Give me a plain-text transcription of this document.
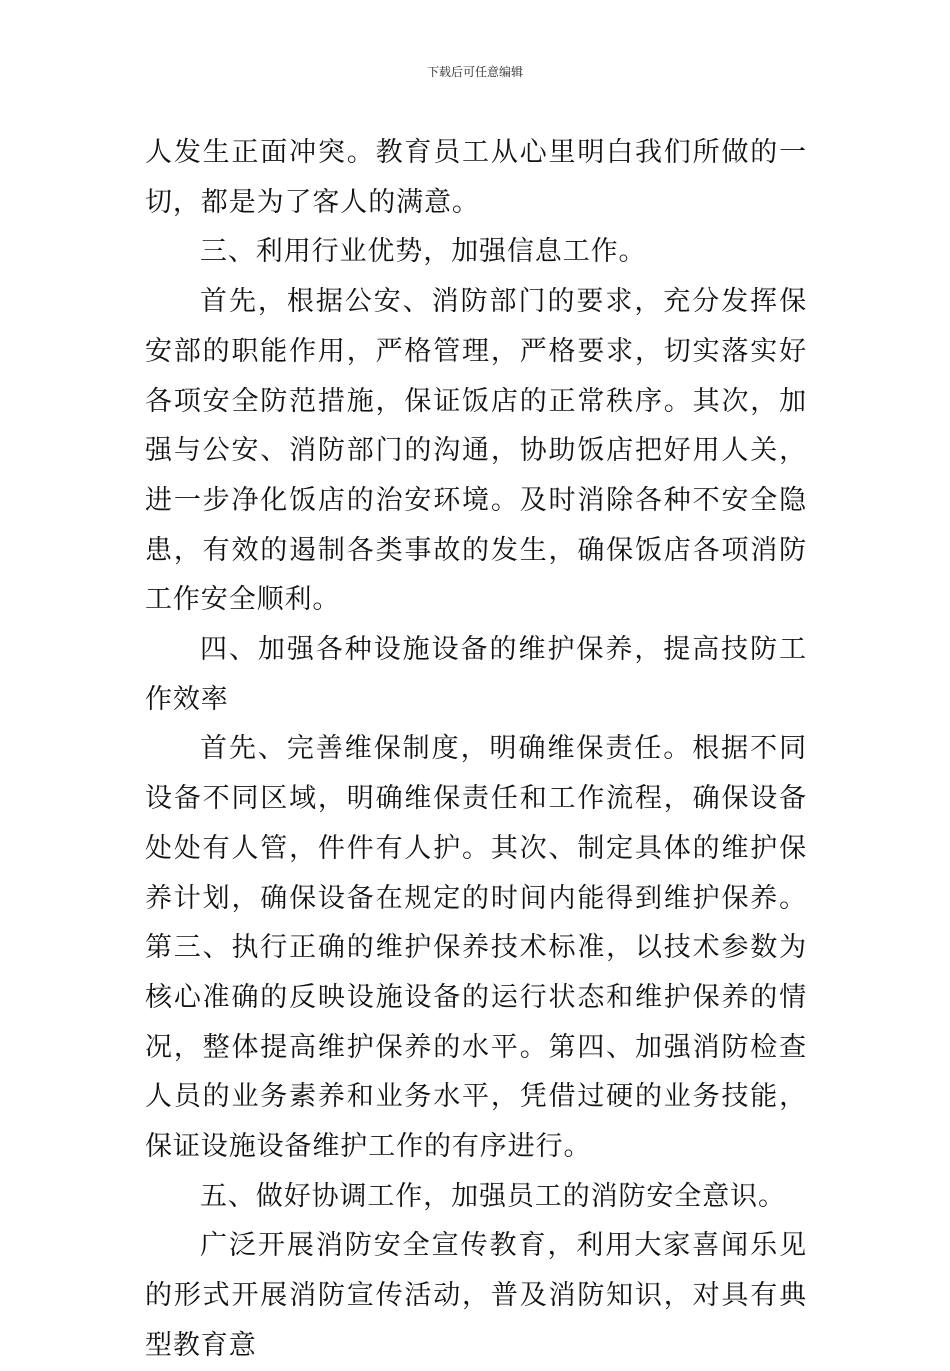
下载后可任意编辑

人发生正面冲突。教育员工从心里明白我们所做的一切，都是为了客人的满意。

三、利用行业优势，加强信息工作。

首先，根据公安、消防部门的要求，充分发挥保安部的职能作用，严格管理，严格要求，切实落实好各项安全防范措施，保证饭店的正常秩序。其次，加强与公安、消防部门的沟通，协助饭店把好用人关，进一步净化饭店的治安环境。及时消除各种不安全隐患，有效的遏制各类事故的发生，确保饭店各项消防工作安全顺利。

四、加强各种设施设备的维护保养，提高技防工作效率

首先、完善维保制度，明确维保责任。根据不同设备不同区域，明确维保责任和工作流程，确保设备处处有人管，件件有人护。其次、制定具体的维护保养计划，确保设备在规定的时间内能得到维护保养。第三、执行正确的维护保养技术标准，以技术参数为核心准确的反映设施设备的运行状态和维护保养的情况，整体提高维护保养的水平。第四、加强消防检查人员的业务素养和业务水平，凭借过硬的业务技能，保证设施设备维护工作的有序进行。

五、做好协调工作，加强员工的消防安全意识。

广泛开展消防安全宣传教育，利用大家喜闻乐见的形式开展消防宣传活动，普及消防知识，对具有典型教育意
